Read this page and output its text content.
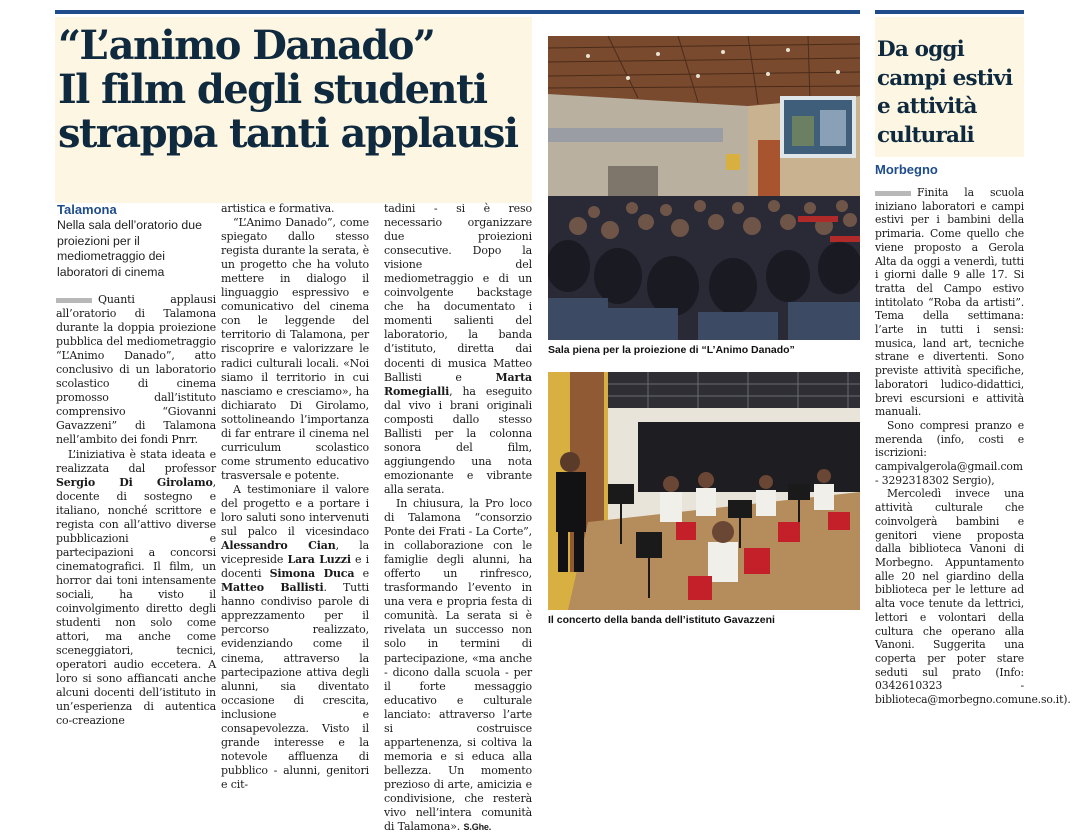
“L’animo Danado”
Il film degli studenti
strappa tanti applausi
Talamona
Nella sala dell’oratorio due proiezioni per il mediometraggio dei laboratori di cinema

Quanti applausi all’oratorio di Talamona durante la doppia proiezione pubblica del mediometraggio “L’Animo Danado”, atto conclusivo di un laboratorio scolastico di cinema promosso dall’istituto comprensivo “Giovanni Gavazzeni” di Talamona nell’ambito dei fondi Pnrr.

L’iniziativa è stata ideata e realizzata dal professor Sergio Di Girolamo, docente di sostegno e italiano, nonché scrittore e regista con all’attivo diverse pubblicazioni e partecipazioni a concorsi cinematografici. Il film, un horror dai toni intensamente sociali, ha visto il coinvolgimento diretto degli studenti non solo come attori, ma anche come sceneggiatori, tecnici, operatori audio eccetera. A loro si sono affiancati anche alcuni docenti dell’istituto in un’esperienza di autentica co-creazione

artistica e formativa.

“L’Animo Danado”, come spiegato dallo stesso regista durante la serata, è un progetto che ha voluto mettere in dialogo il linguaggio espressivo e comunicativo del cinema con le leggende del territorio di Talamona, per riscoprire e valorizzare le radici culturali locali. «Noi siamo il territorio in cui nasciamo e cresciamo», ha dichiarato Di Girolamo, sottolineando l’importanza di far entrare il cinema nel curriculum scolastico come strumento educativo trasversale e potente.

A testimoniare il valore del progetto e a portare i loro saluti sono intervenuti sul palco il vicesindaco Alessandro Cian, la vicepreside Lara Luzzi e i docenti Simona Duca e Matteo Ballisti. Tutti hanno condiviso parole di apprezzamento per il percorso realizzato, evidenziando come il cinema, attraverso la partecipazione attiva degli alunni, sia diventato occasione di crescita, inclusione e consapevolezza. Visto il grande interesse e la notevole affluenza di pubblico - alunni, genitori e cit-

tadini - si è reso necessario organizzare due proiezioni consecutive. Dopo la visione del mediometraggio e di un coinvolgente backstage che ha documentato i momenti salienti del laboratorio, la banda d’istituto, diretta dai docenti di musica Matteo Ballisti e Marta Romegialli, ha eseguito dal vivo i brani originali composti dallo stesso Ballisti per la colonna sonora del film, aggiungendo una nota emozionante e vibrante alla serata.

In chiusura, la Pro loco di Talamona “consorzio Ponte dei Frati - La Corte”, in collaborazione con le famiglie degli alunni, ha offerto un rinfresco, trasformando l’evento in una vera e propria festa di comunità. La serata si è rivelata un successo non solo in termini di partecipazione, «ma anche - dicono dalla scuola - per il forte messaggio educativo e culturale lanciato: attraverso l’arte si costruisce appartenenza, si coltiva la memoria e si educa alla bellezza. Un momento prezioso di arte, amicizia e condivisione, che resterà vivo nell’intera comunità di Talamona». S.Ghe.

Sala piena per la proiezione di “L’Animo Danado”
Il concerto della banda dell’istituto Gavazzeni
Da oggi
campi estivi
e attività
culturali
Morbegno

Finita la scuola iniziano laboratori e campi estivi per i bambini della primaria. Come quello che viene proposto a Gerola Alta da oggi a venerdì, tutti i giorni dalle 9 alle 17. Si tratta del Campo estivo intitolato “Roba da artisti”. Tema della settimana: l’arte in tutti i sensi: musica, land art, tecniche strane e divertenti. Sono previste attività specifiche, laboratori ludico-didattici, brevi escursioni e attività manuali.

Sono compresi pranzo e merenda (info, costi e iscrizioni: campivalgerola@gmail.com - 3292318302 Sergio),

Mercoledì invece una attività culturale che coinvolgerà bambini e genitori viene proposta dalla biblioteca Vanoni di Morbegno. Appuntamento alle 20 nel giardino della biblioteca per le letture ad alta voce tenute da lettrici, lettori e volontari della cultura che operano alla Vanoni. Suggerita una coperta per poter stare seduti sul prato (Info: 0342610323 - biblioteca@morbegno.comune.so.it).
